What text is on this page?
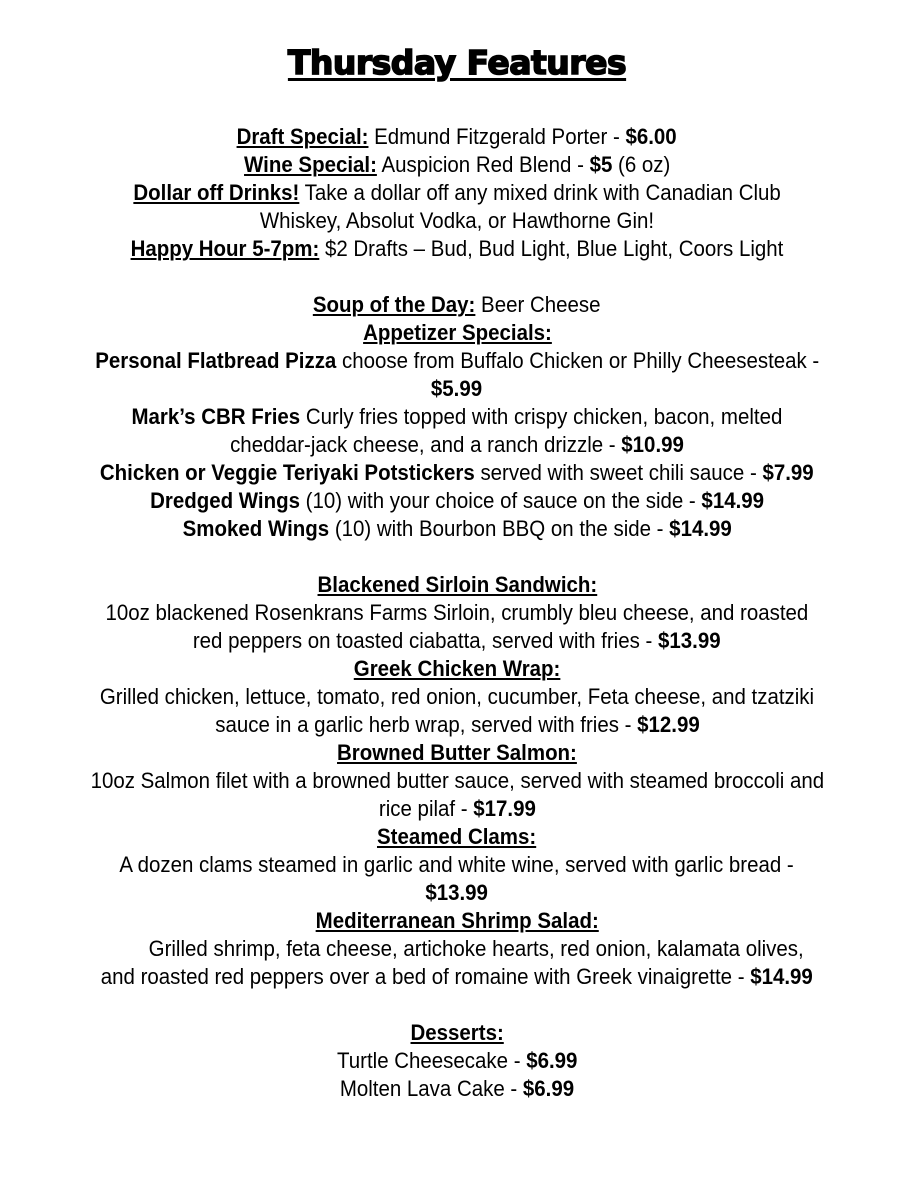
Thursday Features
Draft Special: Edmund Fitzgerald Porter - $6.00
Wine Special: Auspicion Red Blend - $5 (6 oz)
Dollar off Drinks! Take a dollar off any mixed drink with Canadian Club
Whiskey, Absolut Vodka, or Hawthorne Gin!
Happy Hour 5-7pm: $2 Drafts – Bud, Bud Light, Blue Light, Coors Light
Soup of the Day: Beer Cheese
Appetizer Specials:
Personal Flatbread Pizza choose from Buffalo Chicken or Philly Cheesesteak -
$5.99
Mark’s CBR Fries Curly fries topped with crispy chicken, bacon, melted
cheddar-jack cheese, and a ranch drizzle - $10.99
Chicken or Veggie Teriyaki Potstickers served with sweet chili sauce - $7.99
Dredged Wings (10) with your choice of sauce on the side - $14.99
Smoked Wings (10) with Bourbon BBQ on the side - $14.99
Blackened Sirloin Sandwich:
10oz blackened Rosenkrans Farms Sirloin, crumbly bleu cheese, and roasted
red peppers on toasted ciabatta, served with fries - $13.99
Greek Chicken Wrap:
Grilled chicken, lettuce, tomato, red onion, cucumber, Feta cheese, and tzatziki
sauce in a garlic herb wrap, served with fries - $12.99
Browned Butter Salmon:
10oz Salmon filet with a browned butter sauce, served with steamed broccoli and
rice pilaf - $17.99
Steamed Clams:
A dozen clams steamed in garlic and white wine, served with garlic bread -
$13.99
Mediterranean Shrimp Salad:
Grilled shrimp, feta cheese, artichoke hearts, red onion, kalamata olives,
and roasted red peppers over a bed of romaine with Greek vinaigrette - $14.99
Desserts:
Turtle Cheesecake - $6.99
Molten Lava Cake - $6.99
